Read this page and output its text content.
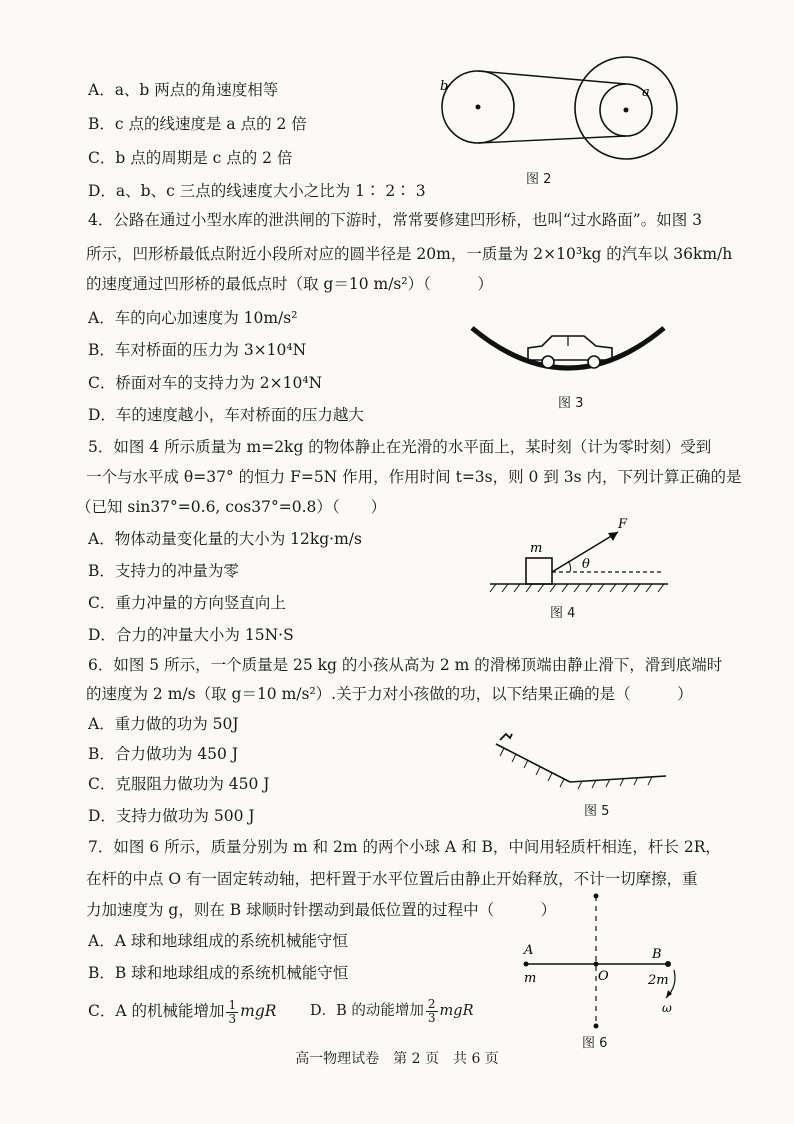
A．a、b 两点的角速度相等
B．c 点的线速度是 a 点的 2 倍
C．b 点的周期是 c 点的 2 倍
D．a、b、c 三点的线速度大小之比为 1∶ 2∶ 3
b	a
图 2
4．公路在通过小型水库的泄洪闸的下游时，常常要修建凹形桥，也叫“过水路面”。如图 3
所示，凹形桥最低点附近小段所对应的圆半径是 20m，一质量为 2×10³kg 的汽车以 36km/h
的速度通过凹形桥的最低点时（取 g＝10 m/s²）（　　　）
A．车的向心加速度为 10m/s²
B．车对桥面的压力为 3×10⁴N
C．桥面对车的支持力为 2×10⁴N
D．车的速度越小，车对桥面的压力越大
图 3
5．如图 4 所示质量为 m=2kg 的物体静止在光滑的水平面上，某时刻（计为零时刻）受到
一个与水平成 θ=37° 的恒力 F=5N 作用，作用时间 t=3s，则 0 到 3s 内，下列计算正确的是
（已知 sin37°=0.6, cos37°=0.8）（　　）
A．物体动量变化量的大小为 12kg·m/s
B．支持力的冲量为零
C．重力冲量的方向竖直向上
D．合力的冲量大小为 15N·S
m
F
θ
图 4
6．如图 5 所示，一个质量是 25 kg 的小孩从高为 2 m 的滑梯顶端由静止滑下，滑到底端时
的速度为 2 m/s（取 g＝10 m/s²）.关于力对小孩做的功，以下结果正确的是（　　　）
A．重力做的功为 50J
B．合力做功为 450 J
C．克服阻力做功为 450 J
D．支持力做功为 500 J	图 5
7．如图 6 所示，质量分别为 m 和 2m 的两个小球 A 和 B，中间用轻质杆相连，杆长 2R，
在杆的中点 O 有一固定转动轴，把杆置于水平位置后由静止开始释放，不计一切摩擦，重
力加速度为 g，则在 B 球顺时针摆动到最低位置的过程中（　　　）
A．A 球和地球组成的系统机械能守恒
B．B 球和地球组成的系统机械能守恒
C．A 的机械能增加 $\frac{1}{3}$ mgR D．B 的动能增加 $\frac{2}{3}$ mgR
A
m	O
B
2m
ω
图 6
高一物理试卷　第 2 页　共 6 页
